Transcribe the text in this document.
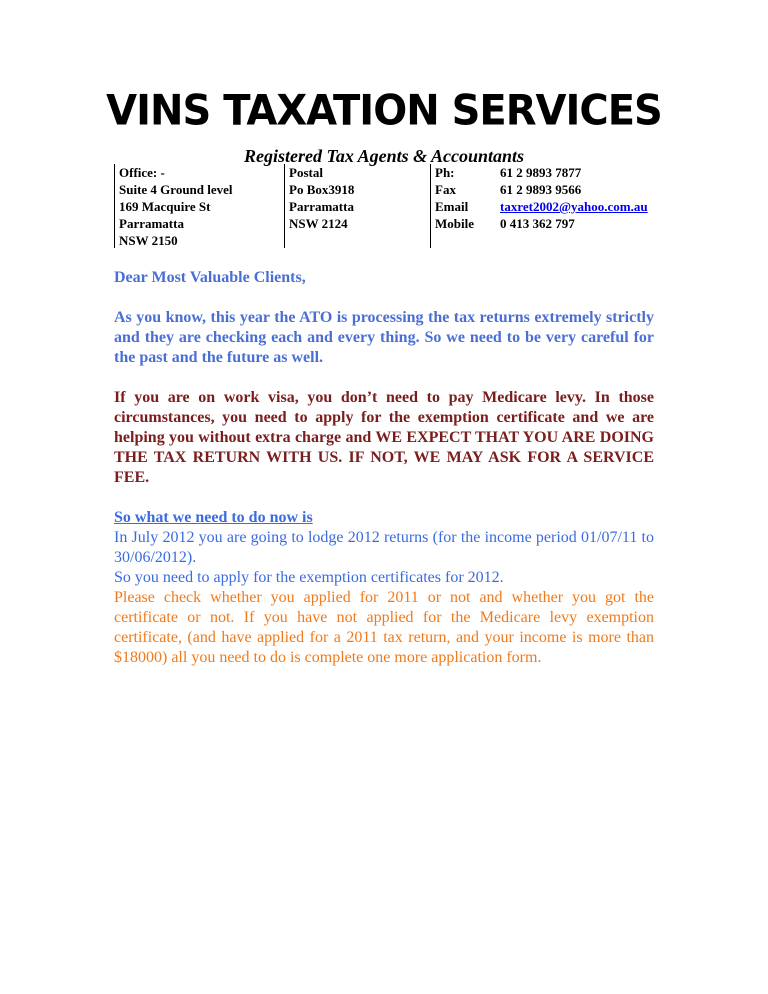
VINS TAXATION SERVICES
Registered Tax Agents & Accountants
Office: -
Suite 4 Ground level
169 Macquire St
Parramatta
NSW 2150
Postal
Po Box3918
Parramatta
NSW 2124
Ph:
Fax
Email
Mobile
61 2 9893 7877
61 2 9893 9566
taxret2002@yahoo.com.au
0 413 362 797
Dear Most Valuable Clients,
As you know, this year the ATO is processing the tax returns extremely strictly and they are checking each and every thing. So we need to be very careful for the past and the future as well.
If you are on work visa, you don’t need to pay Medicare levy. In those circumstances, you need to apply for the exemption certificate and we are helping you without extra charge and WE EXPECT THAT YOU ARE DOING THE TAX RETURN WITH US. IF NOT, WE MAY ASK FOR A SERVICE FEE.
So what we need to do now is
In July 2012 you are going to lodge 2012 returns (for the income period 01/07/11 to 30/06/2012).
So you need to apply for the exemption certificates for 2012.
Please check whether you applied for 2011 or not and whether you got the certificate or not. If you have not applied for the Medicare levy exemption certificate, (and have applied for a 2011 tax return, and your income is more than $18000) all you need to do is complete one more application form.
